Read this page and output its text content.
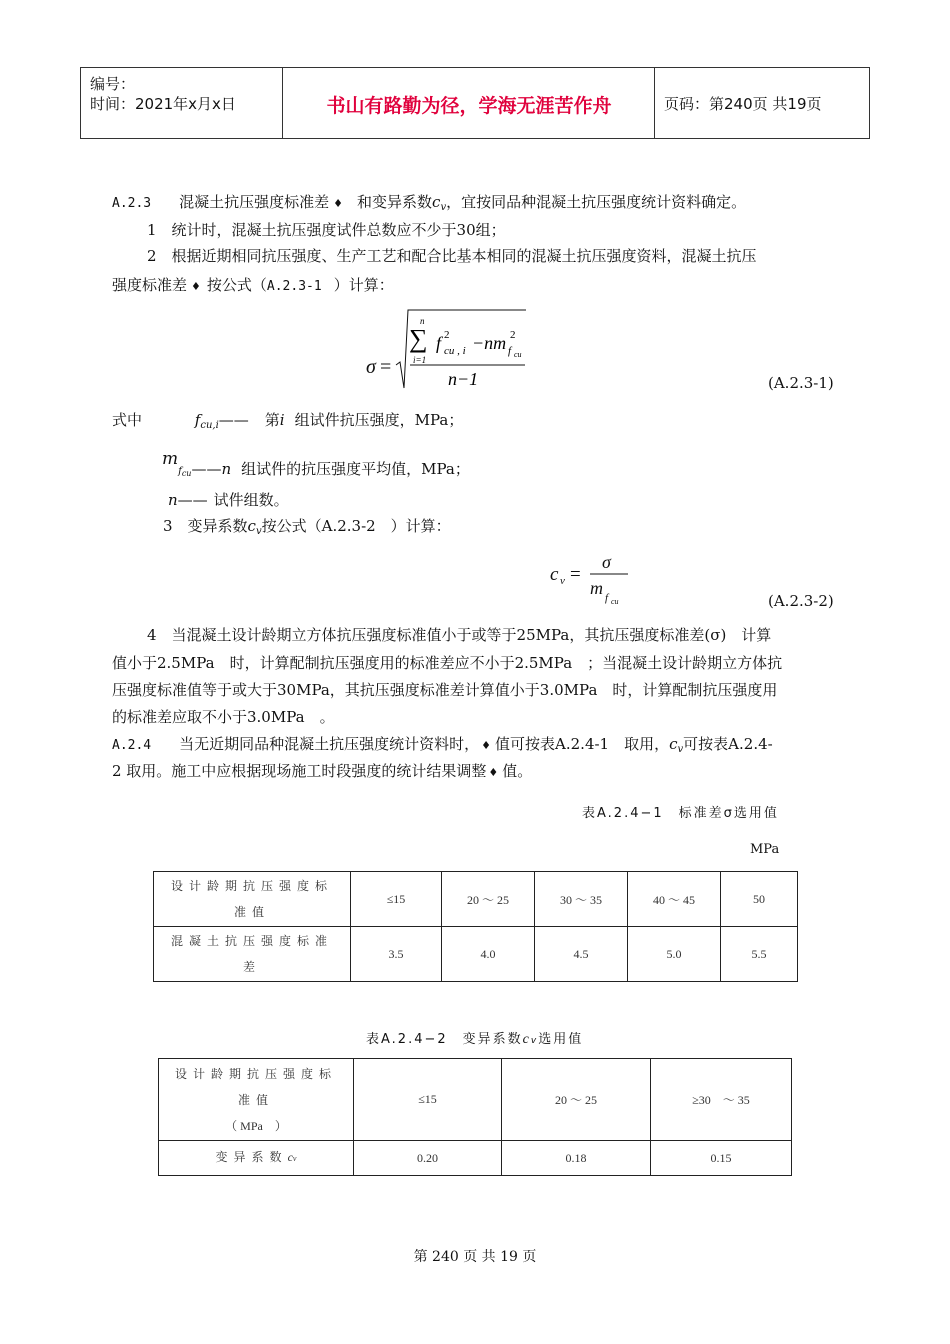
编号：
时间：2021年x月x日	书山有路勤为径，学海无涯苦作舟	页码：第240页 共19页
A.2.3 混凝土抗压强度标准差 ♦ 和变异系数$c_v$，宜按同品种混凝土抗压强度统计资料确定。
1　统计时，混凝土抗压强度试件总数应不少于30组；
2　根据近期相同抗压强度、生产工艺和配合比基本相同的混凝土抗压强度资料，混凝土抗压
强度标准差 ♦ 按公式（A.2.3-1 ）计算：
σ =
n
∑
i=1
f 2
cu , i −nm 2
f cu
n−1	(A.2.3-1)
式中	$f_{cu,i}——$ 第i 组试件抗压强度，MPa；
$m_{fcu}——n$ 组试件的抗压强度平均值，MPa；
n—— 试件组数。
3　变异系数$c_v$按公式（A.2.3-2　）计算：
c v =
σ
m f cu	(A.2.3-2)
4　当混凝土设计龄期立方体抗压强度标准值小于或等于25MPa，其抗压强度标准差(σ)　计算
值小于2.5MPa　时，计算配制抗压强度用的标准差应不小于2.5MPa　；当混凝土设计龄期立方体抗
压强度标准值等于或大于30MPa，其抗压强度标准差计算值小于3.0MPa　时，计算配制抗压强度用
的标准差应取不小于3.0MPa　。
A.2.4 当无近期同品种混凝土抗压强度统计资料时， ♦ 值可按表A.2.4-1　取用，$c_v$可按表A.2.4-
2 取用。施工中应根据现场施工时段强度的统计结果调整 ♦ 值。
表A.2.4−1　标准差σ选用值
MPa
设计龄期抗压强度标
准值	≤15	20 ～ 25	30 ～ 35	40 ～ 45	50

混凝土抗压强度标准
差	3.5	4.0	4.5	5.0	5.5
表A.2.4−2　变异系数cv选用值
设计龄期抗压强度标
准值
（ MPa　）	≤15	20 ～ 25	≥30　～ 35
变异系数cv	0.20	0.18	0.15
第 240 页 共 19 页
